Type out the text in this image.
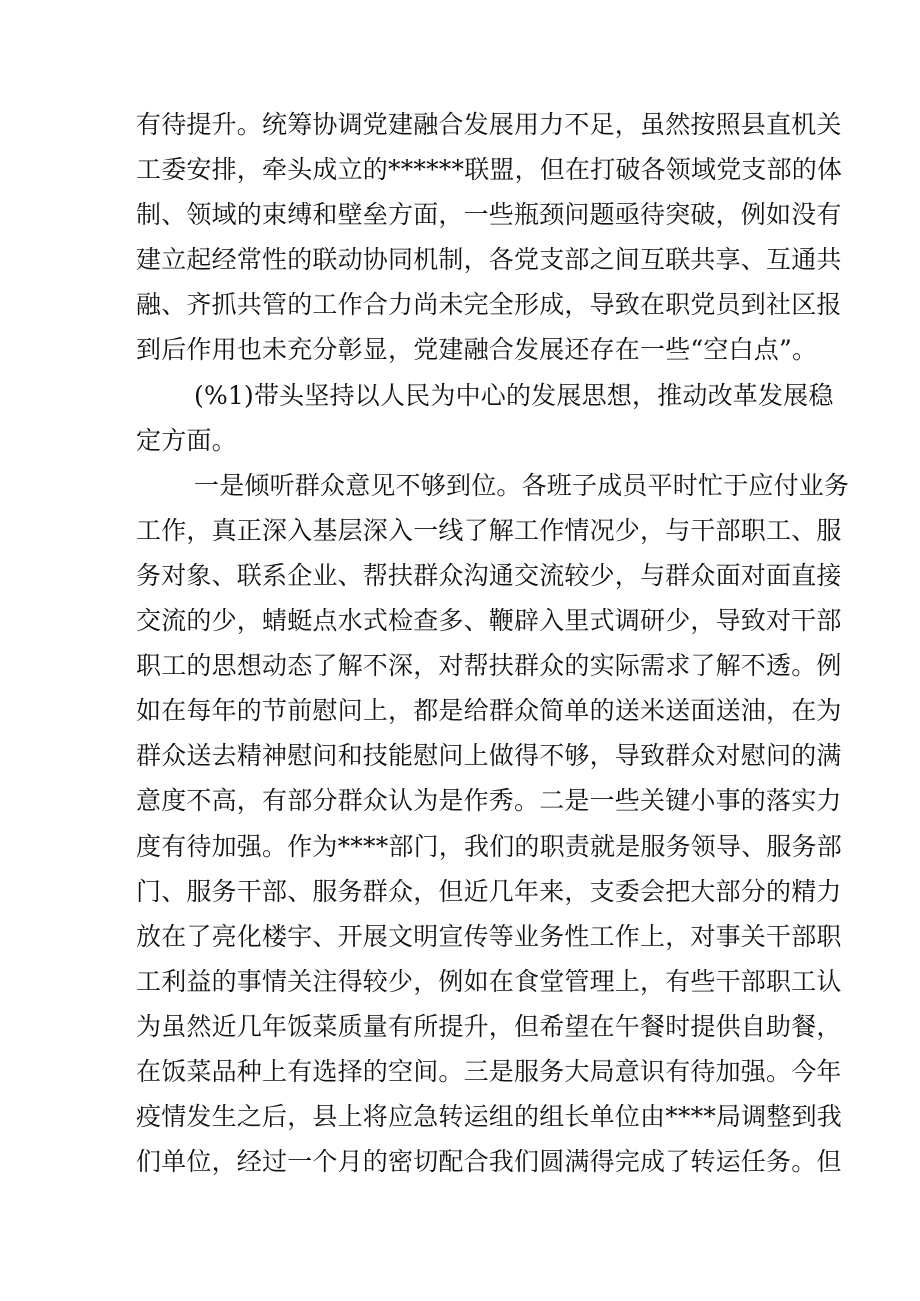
有待提升。统筹协调党建融合发展用力不足，虽然按照县直机关
工委安排，牵头成立的******联盟，但在打破各领域党支部的体
制、领域的束缚和壁垒方面，一些瓶颈问题亟待突破，例如没有
建立起经常性的联动协同机制，各党支部之间互联共享、互通共
融、齐抓共管的工作合力尚未完全形成，导致在职党员到社区报
到后作用也未充分彰显，党建融合发展还存在一些“空白点”。
(%1)带头坚持以人民为中心的发展思想，推动改革发展稳
定方面。
一是倾听群众意见不够到位。各班子成员平时忙于应付业务
工作，真正深入基层深入一线了解工作情况少，与干部职工、服
务对象、联系企业、帮扶群众沟通交流较少，与群众面对面直接
交流的少，蜻蜓点水式检查多、鞭辟入里式调研少，导致对干部
职工的思想动态了解不深，对帮扶群众的实际需求了解不透。例
如在每年的节前慰问上，都是给群众简单的送米送面送油，在为
群众送去精神慰问和技能慰问上做得不够，导致群众对慰问的满
意度不高，有部分群众认为是作秀。二是一些关键小事的落实力
度有待加强。作为****部门，我们的职责就是服务领导、服务部
门、服务干部、服务群众，但近几年来，支委会把大部分的精力
放在了亮化楼宇、开展文明宣传等业务性工作上，对事关干部职
工利益的事情关注得较少，例如在食堂管理上，有些干部职工认
为虽然近几年饭菜质量有所提升，但希望在午餐时提供自助餐，
在饭菜品种上有选择的空间。三是服务大局意识有待加强。今年
疫情发生之后，县上将应急转运组的组长单位由****局调整到我
们单位，经过一个月的密切配合我们圆满得完成了转运任务。但
